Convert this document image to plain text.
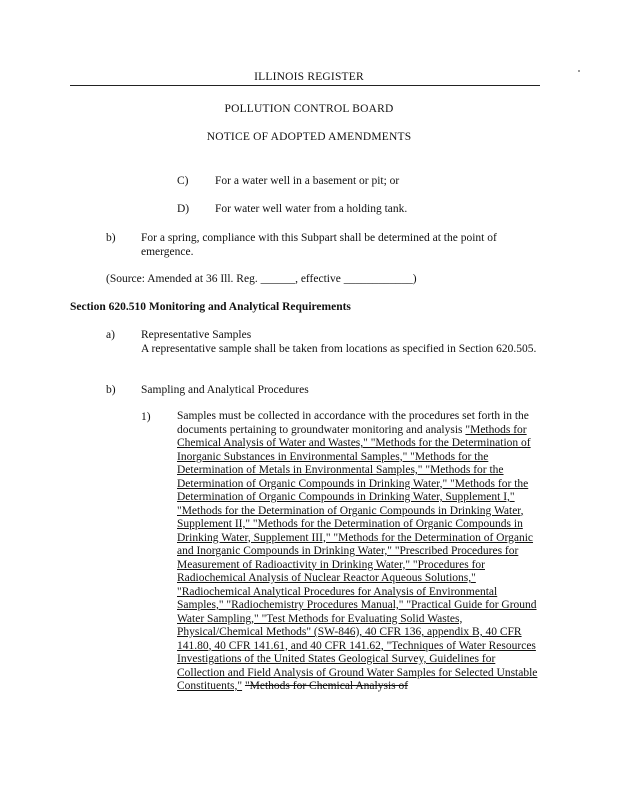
ILLINOIS REGISTER
POLLUTION CONTROL BOARD
NOTICE OF ADOPTED AMENDMENTS
C) For a water well in a basement or pit; or
D) For water well water from a holding tank.
b) For a spring, compliance with this Subpart shall be determined at the point of emergence.
(Source: Amended at 36 Ill. Reg. ______, effective ____________)
Section 620.510 Monitoring and Analytical Requirements
a) Representative Samples
A representative sample shall be taken from locations as specified in Section 620.505.
b) Sampling and Analytical Procedures
1) Samples must be collected in accordance with the procedures set forth in the documents pertaining to groundwater monitoring and analysis "Methods for Chemical Analysis of Water and Wastes," "Methods for the Determination of Inorganic Substances in Environmental Samples," "Methods for the Determination of Metals in Environmental Samples," "Methods for the Determination of Organic Compounds in Drinking Water," "Methods for the Determination of Organic Compounds in Drinking Water, Supplement I," "Methods for the Determination of Organic Compounds in Drinking Water, Supplement II," "Methods for the Determination of Organic Compounds in Drinking Water, Supplement III," "Methods for the Determination of Organic and Inorganic Compounds in Drinking Water," "Prescribed Procedures for Measurement of Radioactivity in Drinking Water," "Procedures for Radiochemical Analysis of Nuclear Reactor Aqueous Solutions," "Radiochemical Analytical Procedures for Analysis of Environmental Samples," "Radiochemistry Procedures Manual," "Practical Guide for Ground Water Sampling," "Test Methods for Evaluating Solid Wastes, Physical/Chemical Methods" (SW-846), 40 CFR 136, appendix B, 40 CFR 141.80, 40 CFR 141.61, and 40 CFR 141.62, "Techniques of Water Resources Investigations of the United States Geological Survey, Guidelines for Collection and Field Analysis of Ground Water Samples for Selected Unstable Constituents," "Methods for Chemical Analysis of
